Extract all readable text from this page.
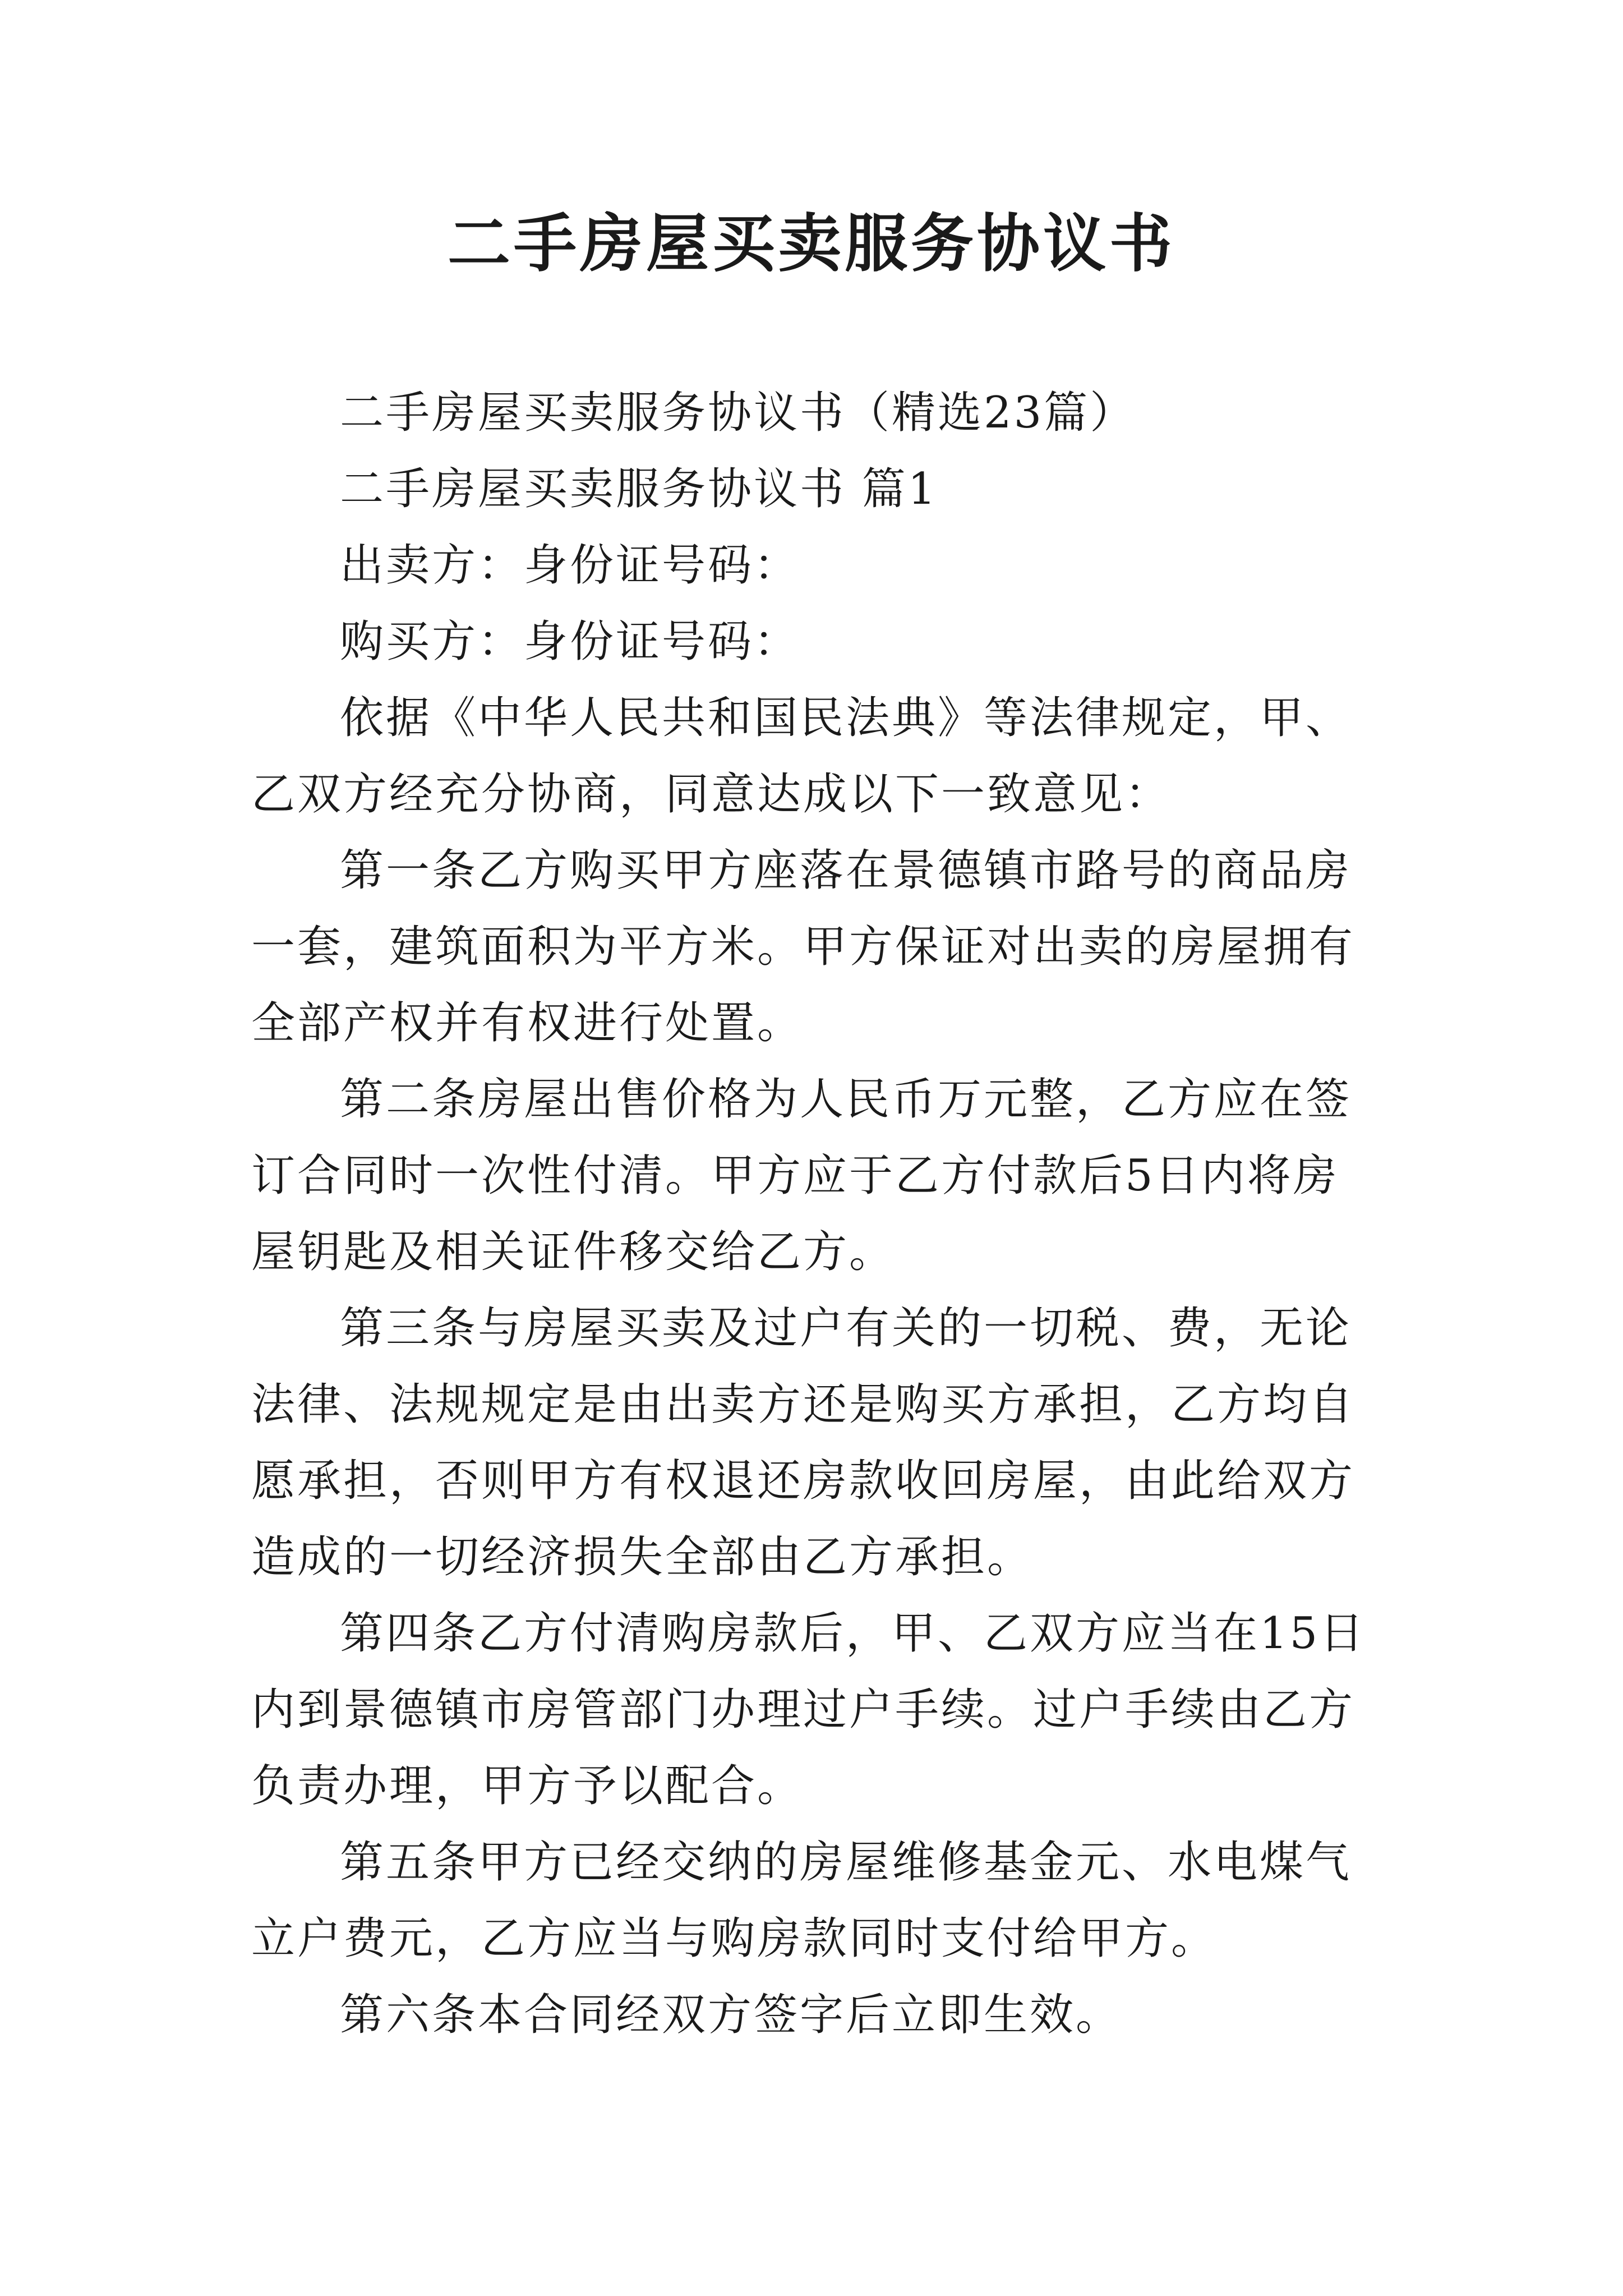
二手房屋买卖服务协议书

二手房屋买卖服务协议书（精选23篇）

二手房屋买卖服务协议书 篇1

出卖方：身份证号码：

购买方：身份证号码：

依据《中华人民共和国民法典》等法律规定，甲、乙双方经充分协商，同意达成以下一致意见：

第一条乙方购买甲方座落在景德镇市路号的商品房一套，建筑面积为平方米。甲方保证对出卖的房屋拥有全部产权并有权进行处置。

第二条房屋出售价格为人民币万元整，乙方应在签订合同时一次性付清。甲方应于乙方付款后5日内将房屋钥匙及相关证件移交给乙方。

第三条与房屋买卖及过户有关的一切税、费，无论法律、法规规定是由出卖方还是购买方承担，乙方均自愿承担，否则甲方有权退还房款收回房屋，由此给双方造成的一切经济损失全部由乙方承担。

第四条乙方付清购房款后，甲、乙双方应当在15日内到景德镇市房管部门办理过户手续。过户手续由乙方负责办理，甲方予以配合。

第五条甲方已经交纳的房屋维修基金元、水电煤气立户费元，乙方应当与购房款同时支付给甲方。

第六条本合同经双方签字后立即生效。
